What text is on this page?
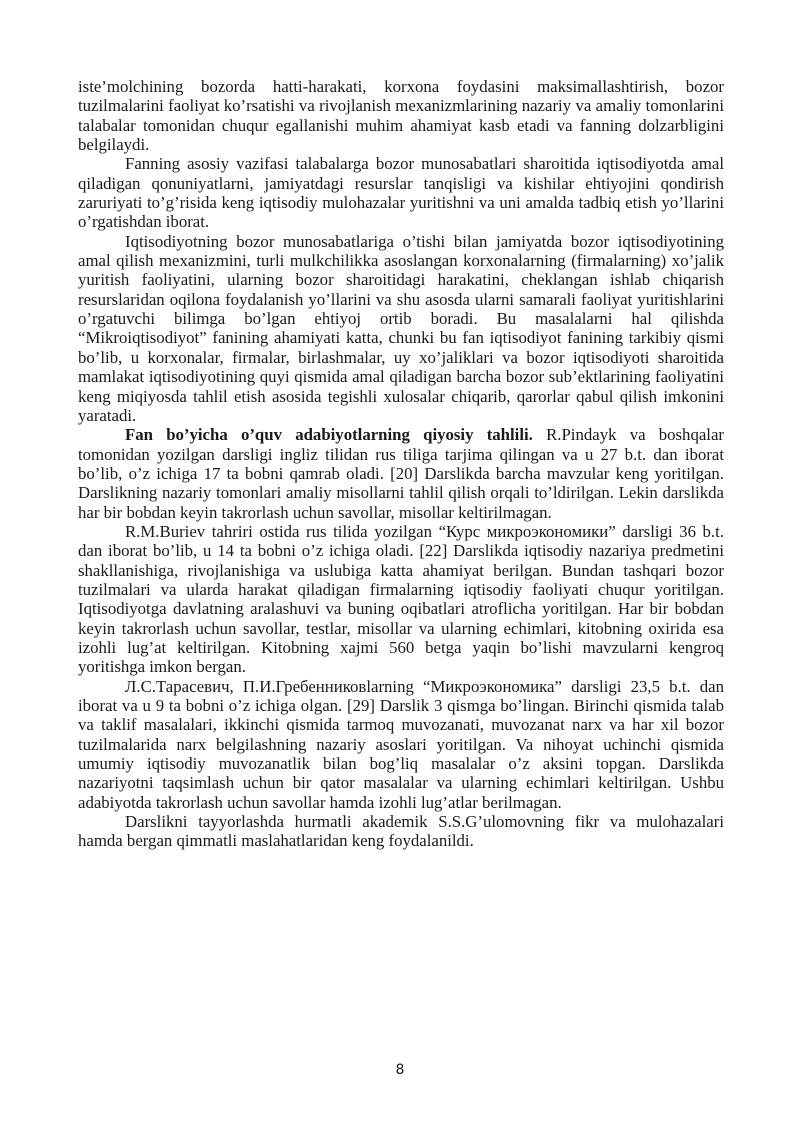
iste’molchining bozorda hatti-harakati, korxona foydasini maksimallashtirish, bozor tuzilmalarini faoliyat ko’rsatishi va rivojlanish mexanizmlarining nazariy va amaliy tomonlarini talabalar tomonidan chuqur egallanishi muhim ahamiyat kasb etadi va fanning dolzarbligini belgilaydi.

Fanning asosiy vazifasi talabalarga bozor munosabatlari sharoitida iqtisodiyotda amal qiladigan qonuniyatlarni, jamiyatdagi resurslar tanqisligi va kishilar ehtiyojini qondirish zaruriyati to’g’risida keng iqtisodiy mulohazalar yuritishni va uni amalda tadbiq etish yo’llarini o’rgatishdan iborat.

Iqtisodiyotning bozor munosabatlariga o’tishi bilan jamiyatda bozor iqtisodiyotining amal qilish mexanizmini, turli mulkchilikka asoslangan korxonalarning (firmalarning) xo’jalik yuritish faoliyatini, ularning bozor sharoitidagi harakatini, cheklangan ishlab chiqarish resurslaridan oqilona foydalanish yo’llarini va shu asosda ularni samarali faoliyat yuritishlarini o’rgatuvchi bilimga bo’lgan ehtiyoj ortib boradi. Bu masalalarni hal qilishda “Mikroiqtisodiyot” fanining ahamiyati katta, chunki bu fan iqtisodiyot fanining tarkibiy qismi bo’lib, u korxonalar, firmalar, birlashmalar, uy xo’jaliklari va bozor iqtisodiyoti sharoitida mamlakat iqtisodiyotining quyi qismida amal qiladigan barcha bozor sub’ektlarining faoliyatini keng miqiyosda tahlil etish asosida tegishli xulosalar chiqarib, qarorlar qabul qilish imkonini yaratadi.

Fan bo’yicha o’quv adabiyotlarning qiyosiy tahlili. R.Pindayk va boshqalar tomonidan yozilgan darsligi ingliz tilidan rus tiliga tarjima qilingan va u 27 b.t. dan iborat bo’lib, o’z ichiga 17 ta bobni qamrab oladi. [20] Darslikda barcha mavzular keng yoritilgan. Darslikning nazariy tomonlari amaliy misollarni tahlil qilish orqali to’ldirilgan. Lekin darslikda har bir bobdan keyin takrorlash uchun savollar, misollar keltirilmagan.

R.M.Buriev tahriri ostida rus tilida yozilgan “Курс микроэкономики” darsligi 36 b.t. dan iborat bo’lib, u 14 ta bobni o’z ichiga oladi. [22] Darslikda iqtisodiy nazariya predmetini shakllanishiga, rivojlanishiga va uslubiga katta ahamiyat berilgan. Bundan tashqari bozor tuzilmalari va ularda harakat qiladigan firmalarning iqtisodiy faoliyati chuqur yoritilgan. Iqtisodiyotga davlatning aralashuvi va buning oqibatlari atroflicha yoritilgan. Har bir bobdan keyin takrorlash uchun savollar, testlar, misollar va ularning echimlari, kitobning oxirida esa izohli lug’at keltirilgan. Kitobning xajmi 560 betga yaqin bo’lishi mavzularni kengroq yoritishga imkon bergan.

Л.С.Тарасевич, П.И.Гребенниковlarning “Микроэкономика” darsligi 23,5 b.t. dan iborat va u 9 ta bobni o’z ichiga olgan. [29] Darslik 3 qismga bo’lingan. Birinchi qismida talab va taklif masalalari, ikkinchi qismida tarmoq muvozanati, muvozanat narx va har xil bozor tuzilmalarida narx belgilashning nazariy asoslari yoritilgan. Va nihoyat uchinchi qismida umumiy iqtisodiy muvozanatlik bilan bog’liq masalalar o’z aksini topgan. Darslikda nazariyotni taqsimlash uchun bir qator masalalar va ularning echimlari keltirilgan. Ushbu adabiyotda takrorlash uchun savollar hamda izohli lug’atlar berilmagan.

Darslikni tayyorlashda hurmatli akademik S.S.G’ulomovning fikr va mulohazalari hamda bergan qimmatli maslahatlaridan keng foydalanildi.

8
